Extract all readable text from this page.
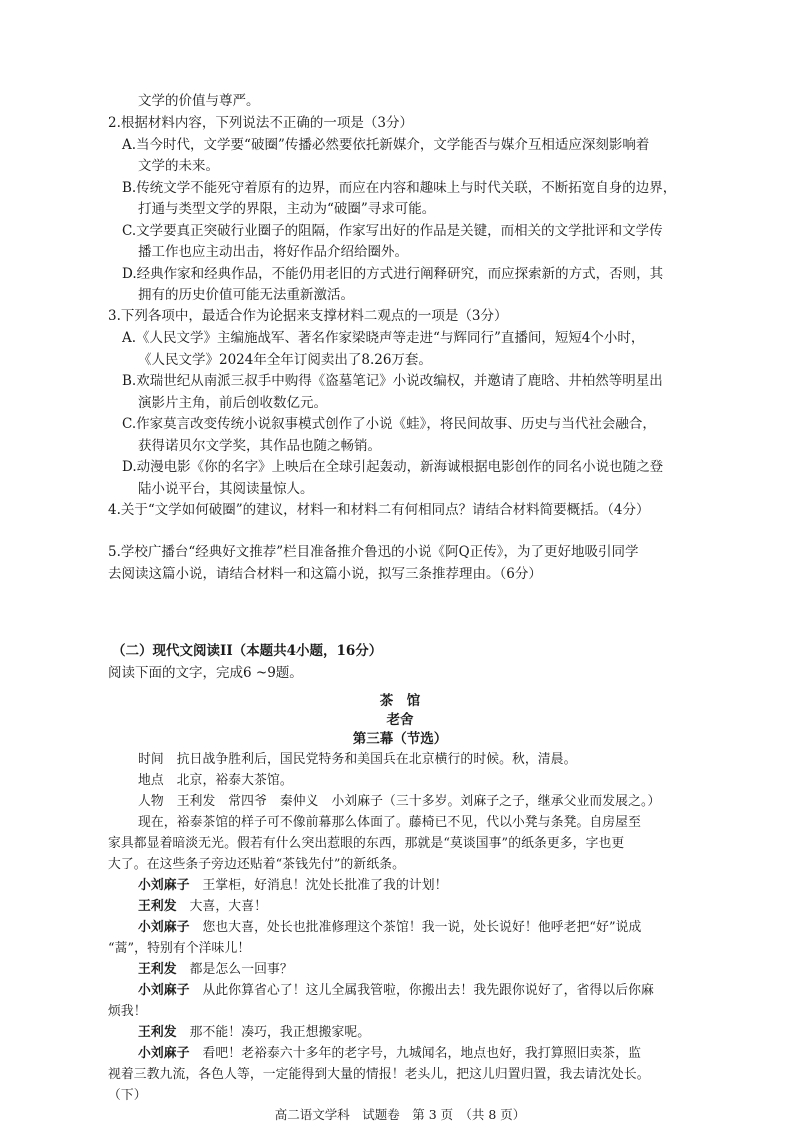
文学的价值与尊严。
2.根据材料内容，下列说法不正确的一项是（3分）
A.当今时代，文学要“破圈”传播必然要依托新媒介，文学能否与媒介互相适应深刻影响着
文学的未来。
B.传统文学不能死守着原有的边界，而应在内容和趣味上与时代关联，不断拓宽自身的边界，
打通与类型文学的界限，主动为“破圈”寻求可能。
C.文学要真正突破行业圈子的阻隔，作家写出好的作品是关键，而相关的文学批评和文学传
播工作也应主动出击，将好作品介绍给圈外。
D.经典作家和经典作品，不能仍用老旧的方式进行阐释研究，而应探索新的方式，否则，其
拥有的历史价值可能无法重新激活。
3.下列各项中，最适合作为论据来支撑材料二观点的一项是（3分）
A.《人民文学》主编施战军、著名作家梁晓声等走进“与辉同行”直播间，短短4个小时，
《人民文学》2024年全年订阅卖出了8.26万套。
B.欢瑞世纪从南派三叔手中购得《盗墓笔记》小说改编权，并邀请了鹿晗、井柏然等明星出
演影片主角，前后创收数亿元。
C.作家莫言改变传统小说叙事模式创作了小说《蛙》，将民间故事、历史与当代社会融合，
获得诺贝尔文学奖，其作品也随之畅销。
D.动漫电影《你的名字》上映后在全球引起轰动，新海诚根据电影创作的同名小说也随之登
陆小说平台，其阅读量惊人。
4.关于“文学如何破圈”的建议，材料一和材料二有何相同点？请结合材料简要概括。（4分）
5.学校广播台“经典好文推荐”栏目准备推介鲁迅的小说《阿Q正传》，为了更好地吸引同学
去阅读这篇小说，请结合材料一和这篇小说，拟写三条推荐理由。（6分）
（二）现代文阅读II（本题共4小题，16分）
阅读下面的文字，完成6 ~9题。
茶　馆
老舍
第三幕（节选）
时间　抗日战争胜利后，国民党特务和美国兵在北京横行的时候。秋，清晨。
地点　北京，裕泰大茶馆。
人物　王利发　常四爷　秦仲义　小刘麻子（三十多岁。刘麻子之子，继承父业而发展之。）
现在，裕泰茶馆的样子可不像前幕那么体面了。藤椅已不见，代以小凳与条凳。自房屋至
家具都显着暗淡无光。假若有什么突出惹眼的东西，那就是“莫谈国事”的纸条更多，字也更
大了。在这些条子旁边还贴着“茶钱先付”的新纸条。
小刘麻子　 王掌柜，好消息！沈处长批准了我的计划！
王利发　 大喜，大喜！
小刘麻子　 您也大喜，处长也批准修理这个茶馆！我一说，处长说好！他呼老把“好”说成
“蒿”，特别有个洋味儿！
王利发　 都是怎么一回事？
小刘麻子　 从此你算省心了！这儿全属我管啦，你搬出去！我先跟你说好了，省得以后你麻
烦我！
王利发　 那不能！凑巧，我正想搬家呢。
小刘麻子　 看吧！老裕泰六十多年的老字号，九城闻名，地点也好，我打算照旧卖茶，监
视着三教九流，各色人等，一定能得到大量的情报！老头儿，把这儿归置归置，我去请沈处长。
（下）
高二语文学科　试题卷　第 3 页　（共 8 页）
